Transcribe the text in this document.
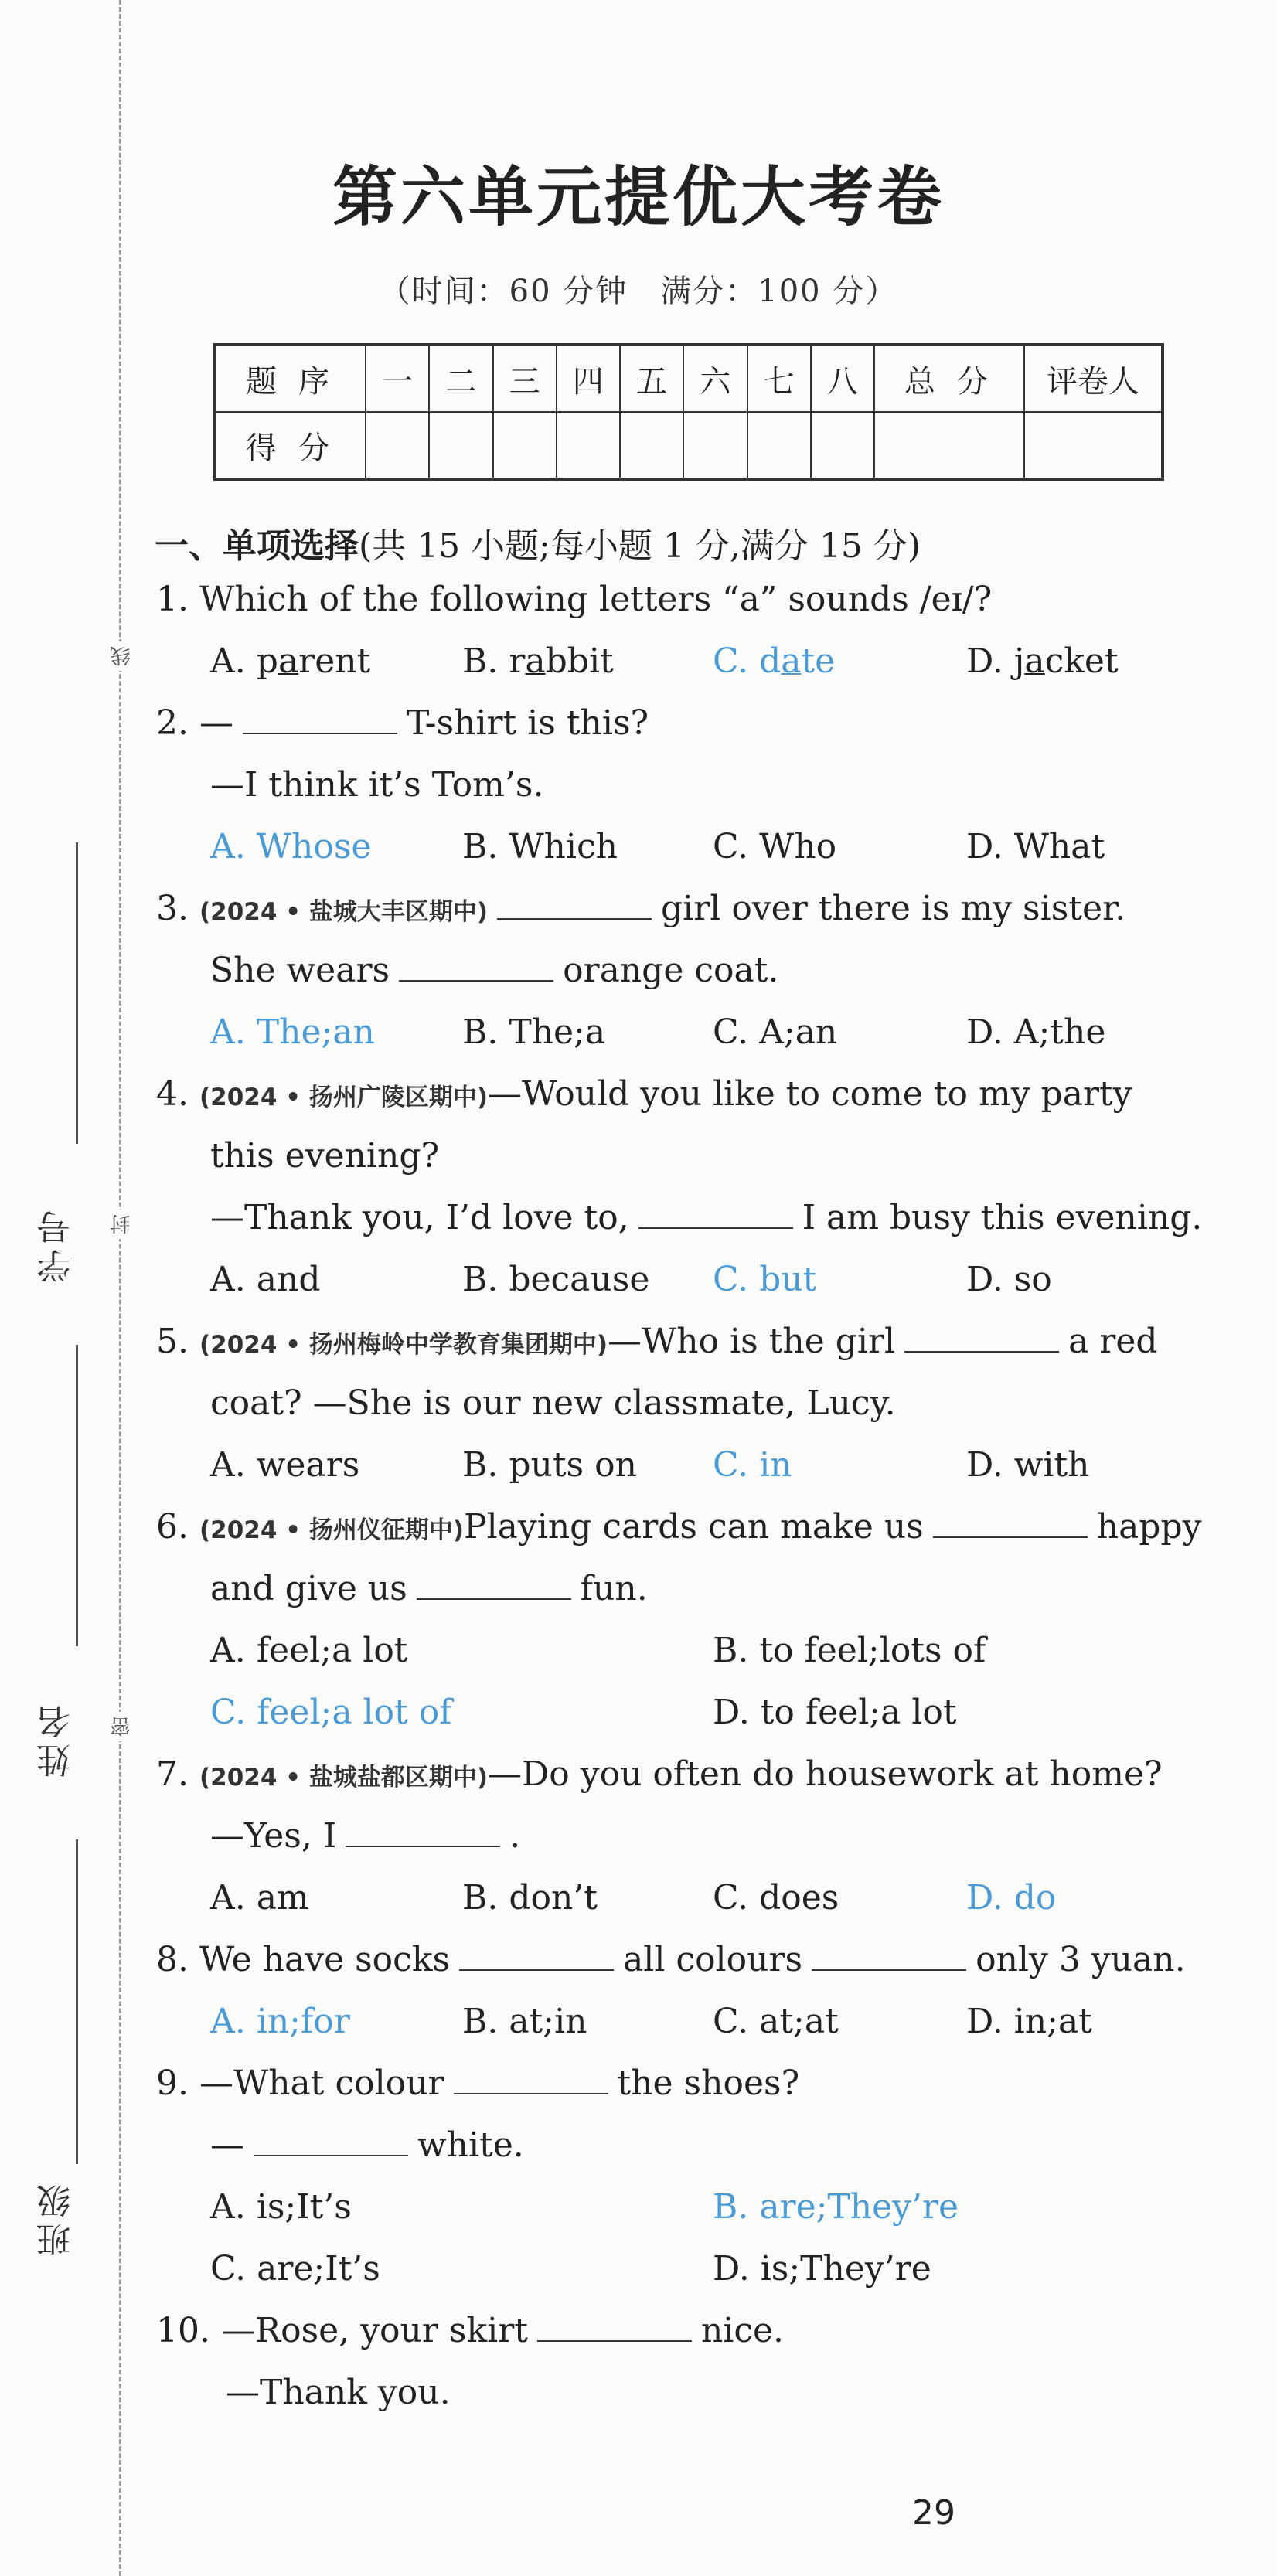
线
封
密
学号
姓名
班级
第六单元提优大考卷
（时间：60 分钟　满分：100 分）
题序	一	二	三	四	五	六	七	八	总分	评卷人
得分										
一、单项选择(共 15 小题;每小题 1 分,满分 15 分)
1. Which of the following letters “a” sounds /eɪ/?
A. parent	B. rabbit	C. date	D. jacket
2. —	T-shirt is this?
—I think it’s Tom’s.
A. Whose	B. Which	C. Who	D. What
3. (2024 • 盐城大丰区期中)	girl over there is my sister.
She wears	orange coat.
A. The;an	B. The;a	C. A;an	D. A;the
4. (2024 • 扬州广陵区期中)—Would you like to come to my party
this evening?
—Thank you, I’d love to,	I am busy this evening.
A. and	B. because C. but	D. so
5. (2024 • 扬州梅岭中学教育集团期中)—Who is the girl	a red
coat? —She is our new classmate, Lucy.
A. wears	B. puts on C. in	D. with
6. (2024 • 扬州仪征期中)Playing cards can make us	happy
and give us	fun.
A. feel;a lot	B. to feel;lots of
C. feel;a lot of	D. to feel;a lot
7. (2024 • 盐城盐都区期中)—Do you often do housework at home?
—Yes, I	.
A. am	B. don’t	C. does	D. do
8. We have socks	all colours	only 3 yuan.
A. in;for	B. at;in	C. at;at	D. in;at
9. —What colour	the shoes?
—	white.
A. is;It’s	B. are;They’re
C. are;It’s	D. is;They’re
10. —Rose, your skirt	nice.
—Thank you.
29
